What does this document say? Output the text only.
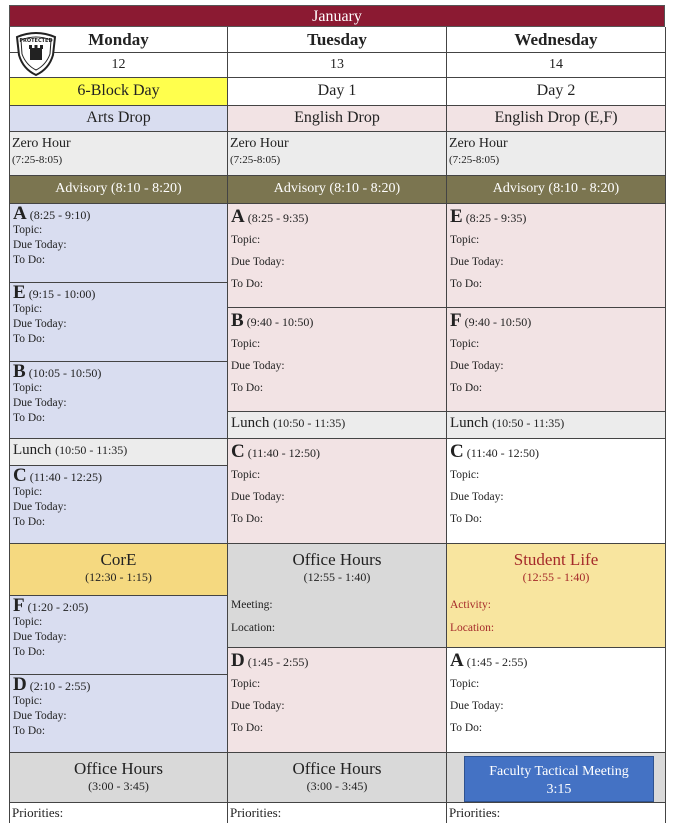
January
Monday
PROTECTED
12
6-Block Day
Arts Drop
Zero Hour
(7:25-8:05)
Advisory (8:10 - 8:20)
A (8:25 - 9:10)
Topic:
Due Today:
To Do:
E (9:15 - 10:00)
Topic:
Due Today:
To Do:
B (10:05 - 10:50)
Topic:
Due Today:
To Do:
Lunch (10:50 - 11:35)
C (11:40 - 12:25)
Topic:
Due Today:
To Do:
CorE
(12:30 - 1:15)
F (1:20 - 2:05)
Topic:
Due Today:
To Do:
D (2:10 - 2:55)
Topic:
Due Today:
To Do:
Office Hours
(3:00 - 3:45)
Priorities:
Tuesday
13
Day 1
English Drop
Zero Hour
(7:25-8:05)
Advisory (8:10 - 8:20)
A (8:25 - 9:35)
Topic:
Due Today:
To Do:
B (9:40 - 10:50)
Topic:
Due Today:
To Do:
Lunch (10:50 - 11:35)
C (11:40 - 12:50)
Topic:
Due Today:
To Do:
Office Hours
(12:55 - 1:40)
Meeting:
Location:
D (1:45 - 2:55)
Topic:
Due Today:
To Do:
Office Hours
(3:00 - 3:45)
Priorities:
Wednesday
14
Day 2
English Drop (E,F)
Zero Hour
(7:25-8:05)
Advisory (8:10 - 8:20)
E (8:25 - 9:35)
Topic:
Due Today:
To Do:
F (9:40 - 10:50)
Topic:
Due Today:
To Do:
Lunch (10:50 - 11:35)
C (11:40 - 12:50)
Topic:
Due Today:
To Do:
Student Life
(12:55 - 1:40)
Activity:
Location:
A (1:45 - 2:55)
Topic:
Due Today:
To Do:
Faculty Tactical Meeting
3:15
Priorities:
